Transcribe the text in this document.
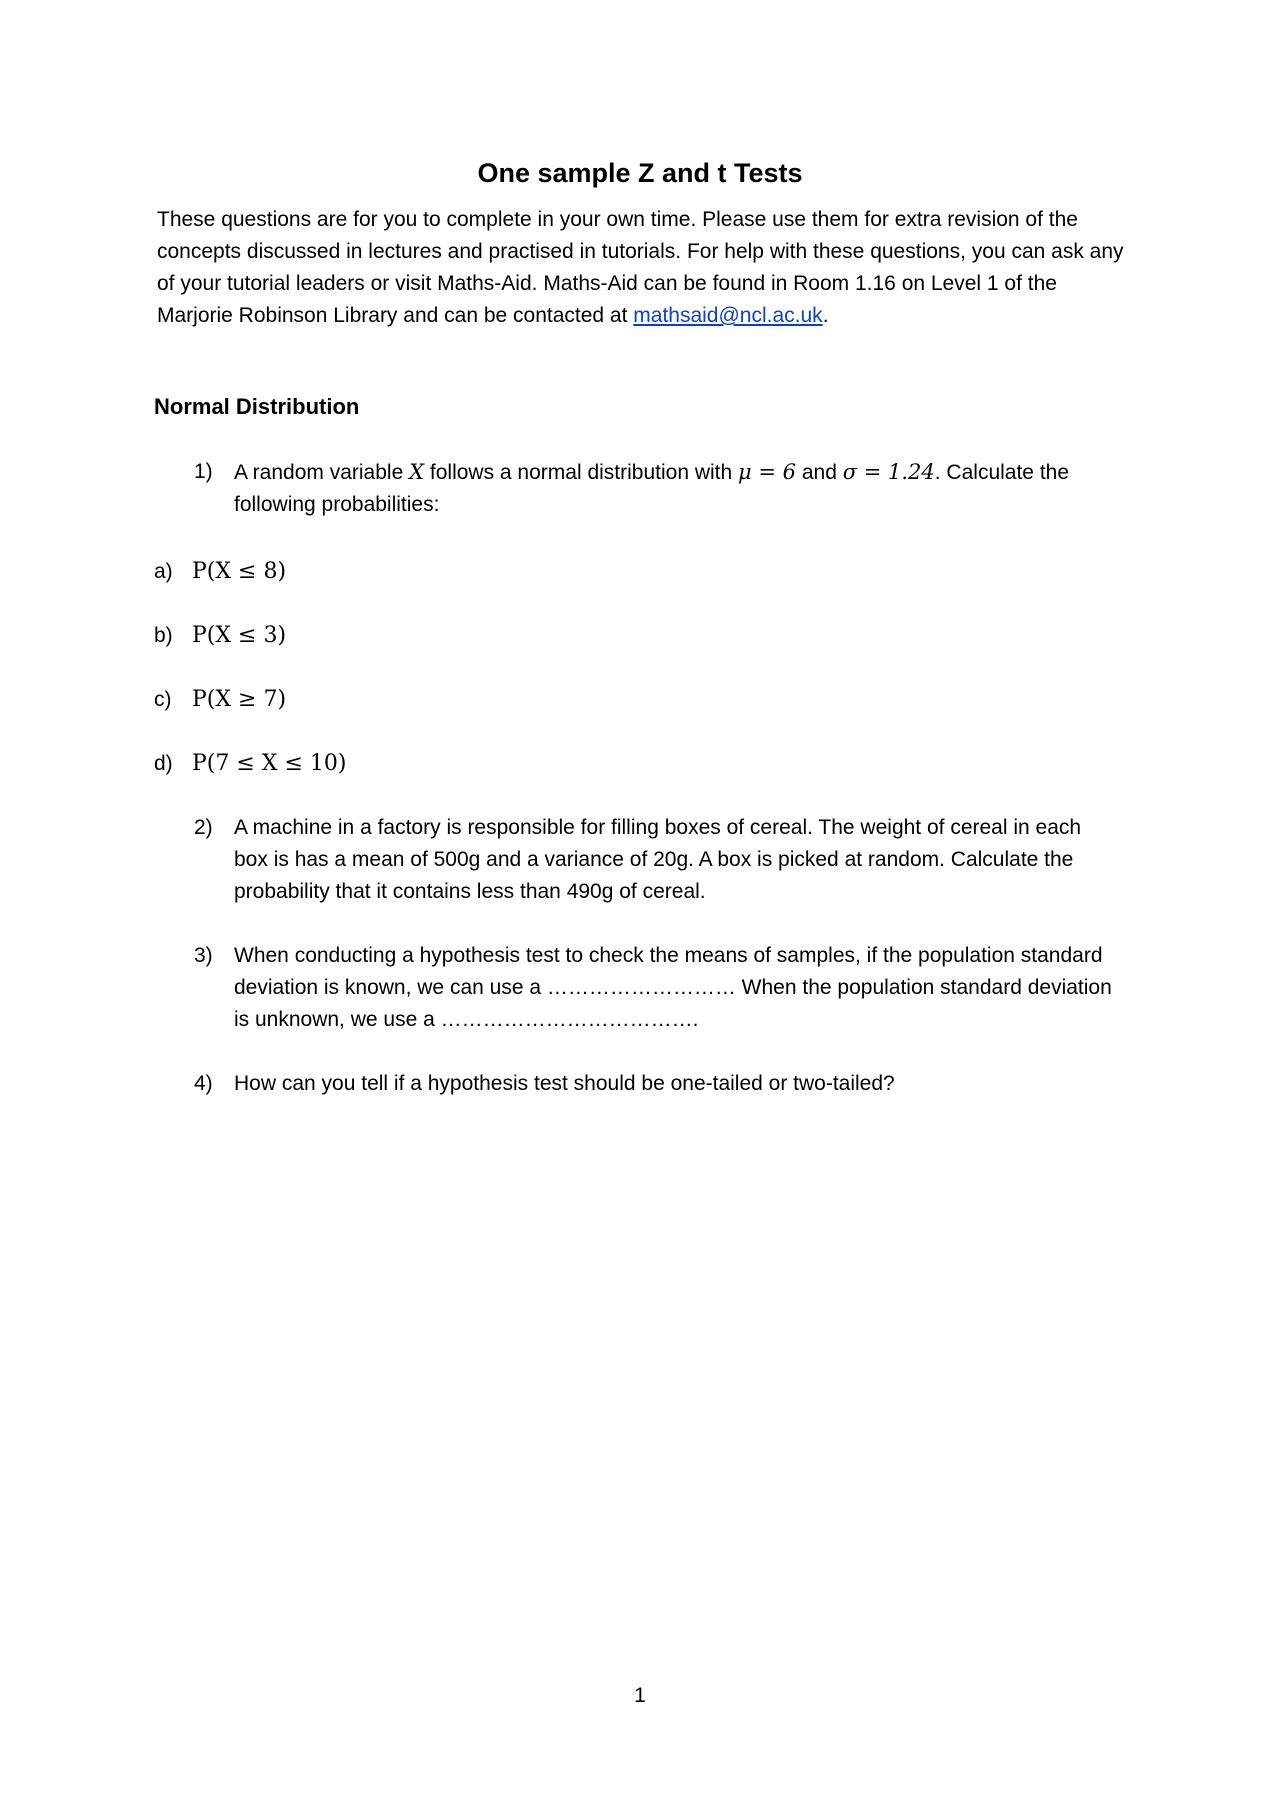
One sample Z and t Tests

These questions are for you to complete in your own time. Please use them for extra revision of the concepts discussed in lectures and practised in tutorials. For help with these questions, you can ask any of your tutorial leaders or visit Maths-Aid. Maths-Aid can be found in Room 1.16 on Level 1 of the Marjorie Robinson Library and can be contacted at mathsaid@ncl.ac.uk.

Normal Distribution
1) A random variable X follows a normal distribution with μ = 6 and σ = 1.24. Calculate the following probabilities:
a) P(X ≤ 8)
b) P(X ≤ 3)
c) P(X ≥ 7)
d) P(7 ≤ X ≤ 10)
2) A machine in a factory is responsible for filling boxes of cereal. The weight of cereal in each box is has a mean of 500g and a variance of 20g. A box is picked at random. Calculate the probability that it contains less than 490g of cereal.
3) When conducting a hypothesis test to check the means of samples, if the population standard deviation is known, we can use a ……………………… When the population standard deviation is unknown, we use a ……………………………….
4) How can you tell if a hypothesis test should be one-tailed or two-tailed?
1
